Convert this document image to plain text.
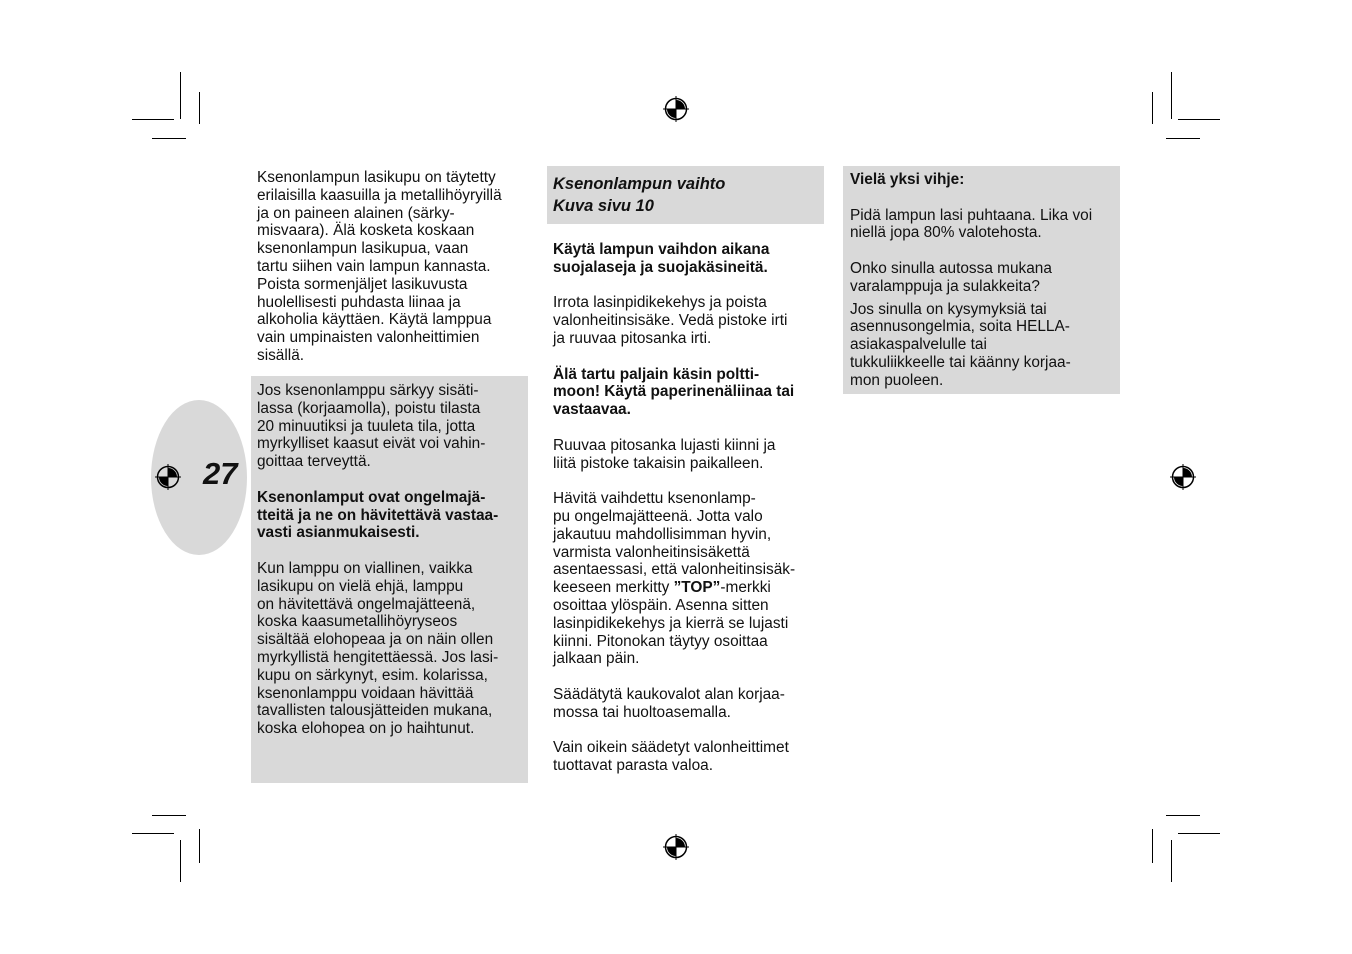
27

Ksenonlampun lasikupu on täytetty
erilaisilla kaasuilla ja metallihöyryillä
ja on paineen alainen (särky-
misvaara). Älä kosketa koskaan
ksenonlampun lasikupua, vaan
tartu siihen vain lampun kannasta.
Poista sormenjäljet lasikuvusta
huolellisesti puhdasta liinaa ja
alkoholia käyttäen. Käytä lamppua
vain umpinaisten valonheittimien
sisällä.

Jos ksenonlamppu särkyy sisäti-
lassa (korjaamolla), poistu tilasta
20 minuutiksi ja tuuleta tila, jotta
myrkylliset kaasut eivät voi vahin-
goittaa terveyttä.

Ksenonlamput ovat ongelmajä-
tteitä ja ne on hävitettävä vastaa-
vasti asianmukaisesti.

Kun lamppu on viallinen, vaikka
lasikupu on vielä ehjä, lamppu
on hävitettävä ongelmajätteenä,
koska kaasumetallihöyryseos
sisältää elohopeaa ja on näin ollen
myrkyllistä hengitettäessä. Jos lasi-
kupu on särkynyt, esim. kolarissa,
ksenonlamppu voidaan hävittää
tavallisten talousjätteiden mukana,
koska elohopea on jo haihtunut.

Ksenonlampun vaihto
Kuva sivu 10

Käytä lampun vaihdon aikana
suojalaseja ja suojakäsineitä.

Irrota lasinpidikekehys ja poista
valonheitinsisäke. Vedä pistoke irti
ja ruuvaa pitosanka irti.

Älä tartu paljain käsin poltti-
moon! Käytä paperinenäliinaa tai
vastaavaa.

Ruuvaa pitosanka lujasti kiinni ja
liitä pistoke takaisin paikalleen.

Hävitä vaihdettu ksenonlamp-
pu ongelmajätteenä. Jotta valo
jakautuu mahdollisimman hyvin,
varmista valonheitinsisäkettä
asentaessasi, että valonheitinsisäk-keeseen merkitty ”TOP”-merkki
osoittaa ylöspäin. Asenna sitten
lasinpidikekehys ja kierrä se lujasti
kiinni. Pitonokan täytyy osoittaa
jalkaan päin.

Säädätytä kaukovalot alan korjaa-
mossa tai huoltoasemalla.

Vain oikein säädetyt valonheittimet
tuottavat parasta valoa.

Vielä yksi vihje:

Pidä lampun lasi puhtaana. Lika voi
niellä jopa 80% valotehosta.

Onko sinulla autossa mukana
varalamppuja ja sulakkeita?

Jos sinulla on kysymyksiä tai
asennusongelmia, soita HELLA-
asiakaspalvelulle tai
tukkuliikkeelle tai käänny korjaa-
mon puoleen.
